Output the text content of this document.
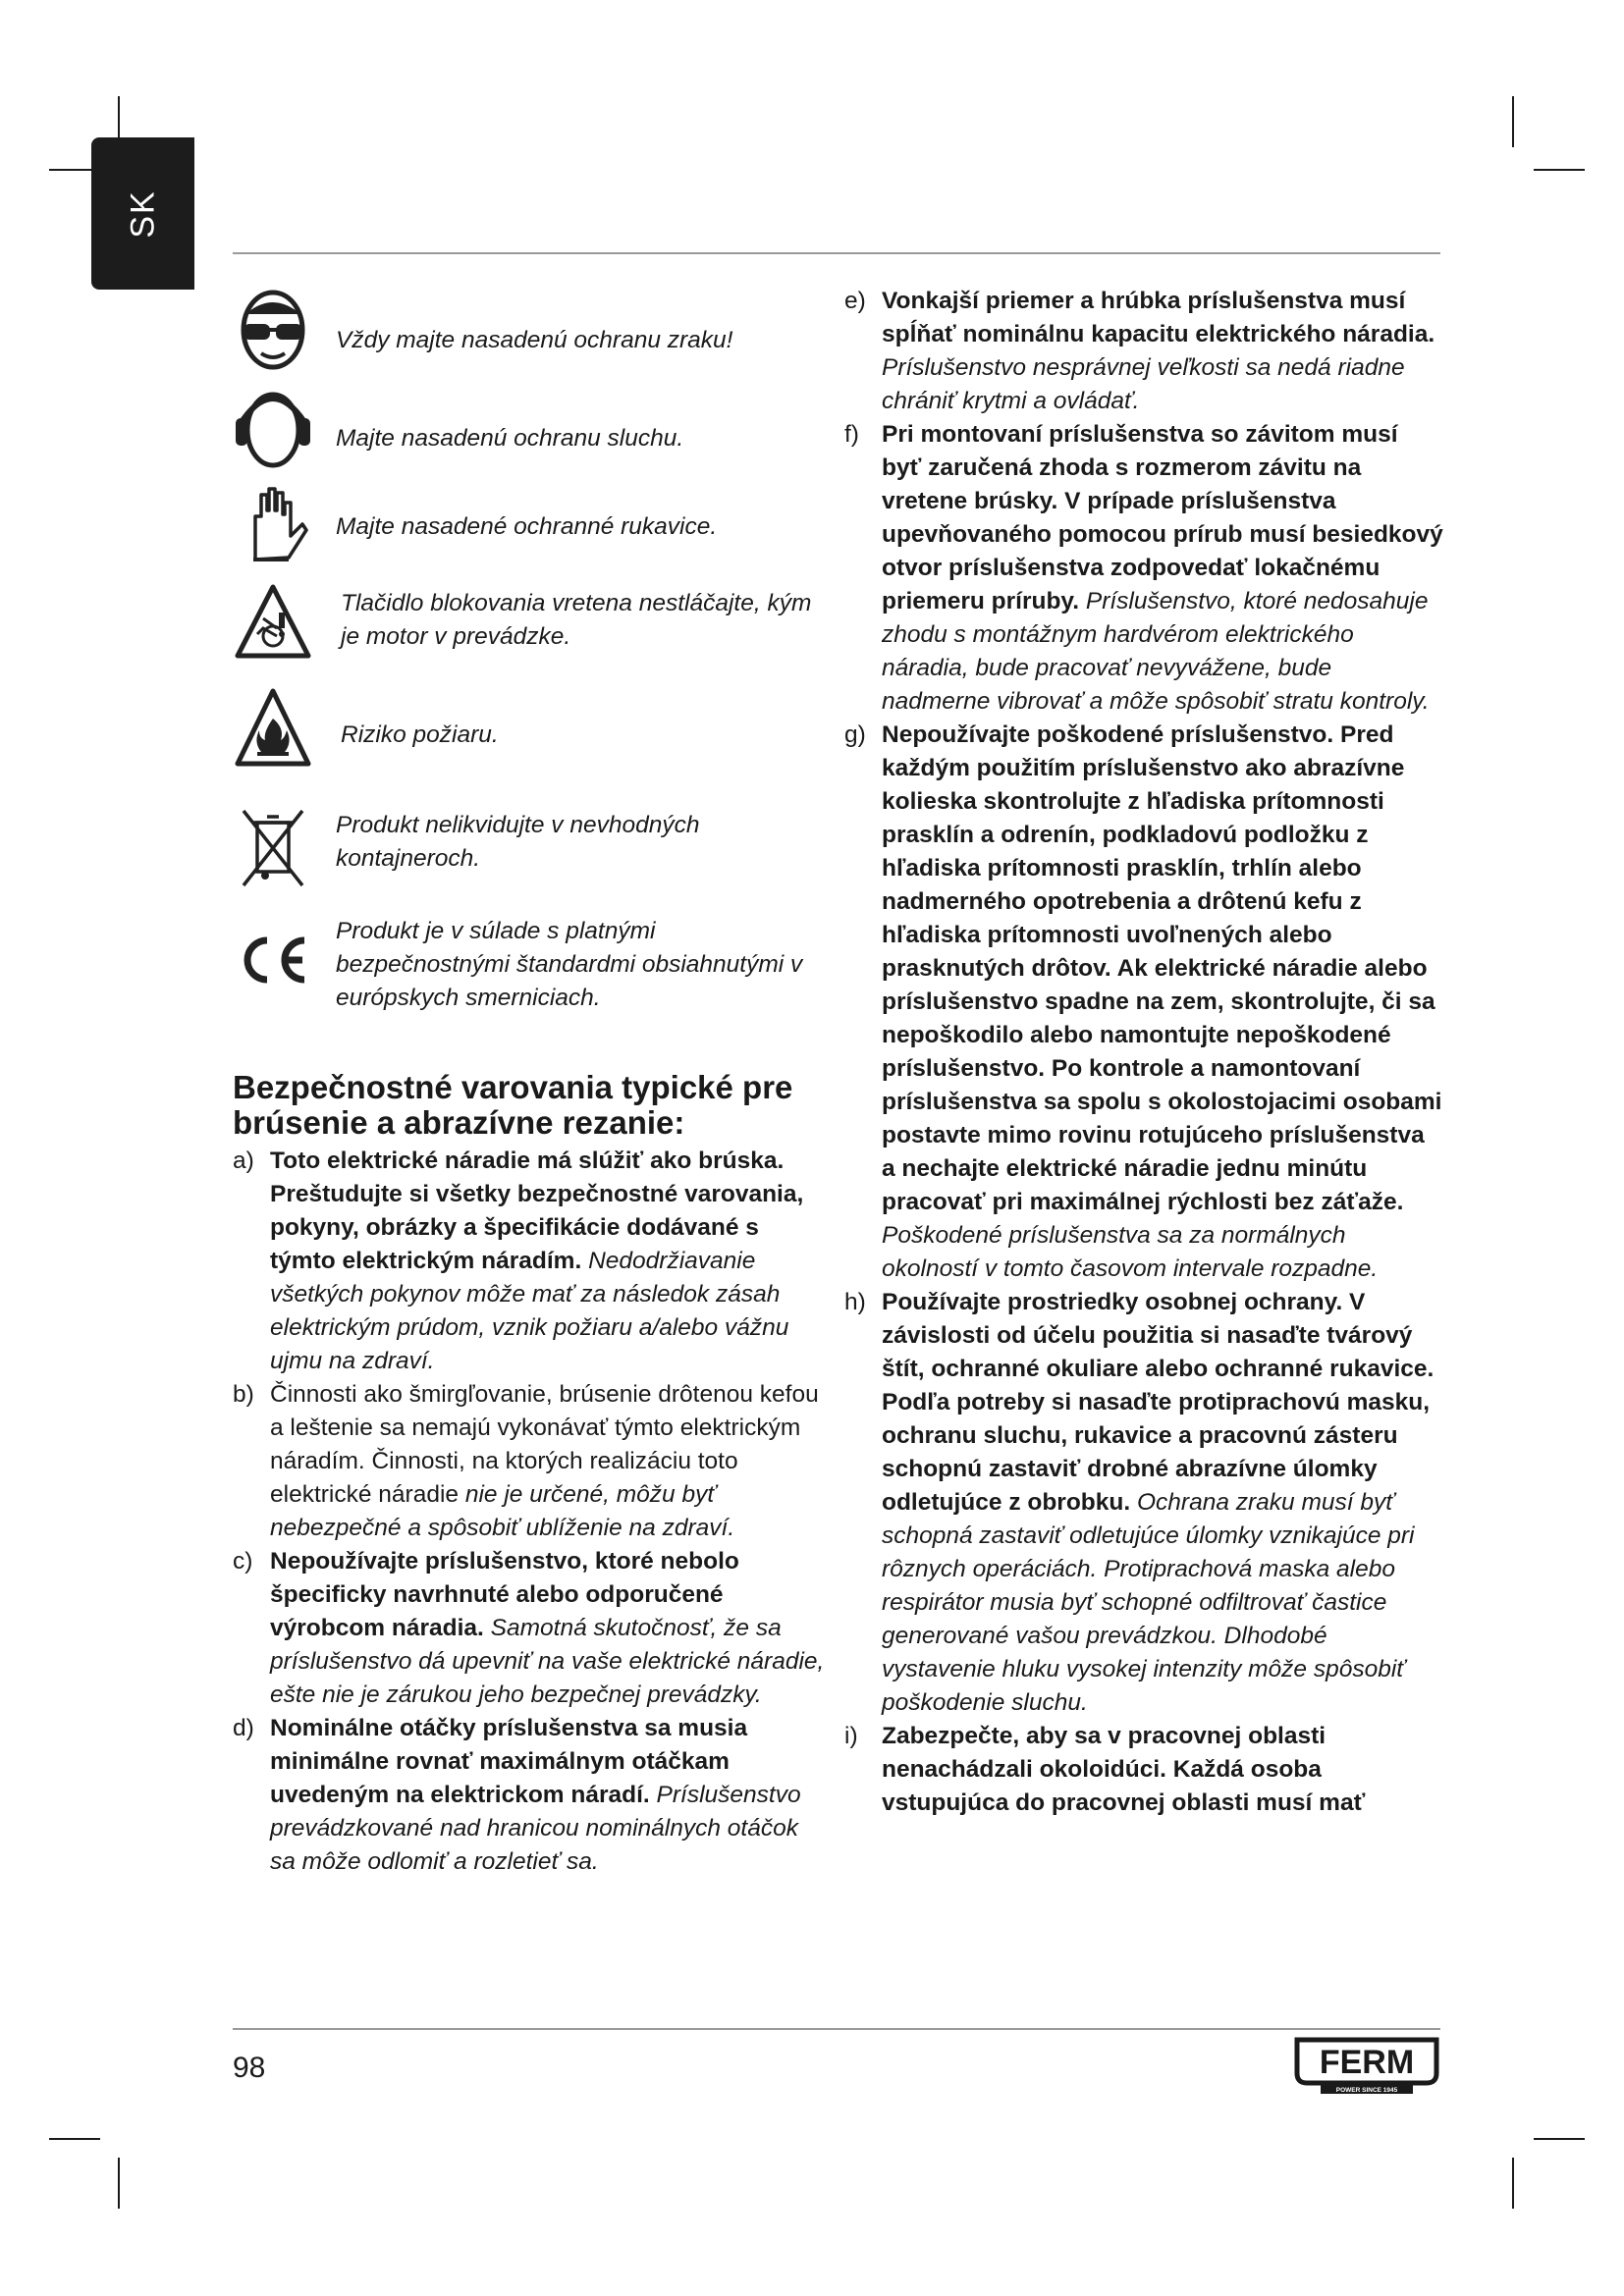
SK
Vždy majte nasadenú ochranu zraku!
Majte nasadenú ochranu sluchu.
Majte nasadené ochranné rukavice.
Tlačidlo blokovania vretena nestláčajte, kým je motor v prevádzke.
Riziko požiaru.
Produkt nelikvidujte v nevhodných kontajneroch.
Produkt je v súlade s platnými bezpečnostnými štandardmi obsiahnutými v európskych smerniciach.
Bezpečnostné varovania typické pre brúsenie a abrazívne rezanie:
a) Toto elektrické náradie má slúžiť ako brúska. Preštudujte si všetky bezpečnostné varovania, pokyny, obrázky a špecifikácie dodávané s týmto elektrickým náradím. Nedodržiavanie všetkých pokynov môže mať za následok zásah elektrickým prúdom, vznik požiaru a/alebo vážnu ujmu na zdraví.
b) Činnosti ako šmirgľovanie, brúsenie drôtenou kefou a leštenie sa nemajú vykonávať týmto elektrickým náradím. Činnosti, na ktorých realizáciu toto elektrické náradie nie je určené, môžu byť nebezpečné a spôsobiť ublíženie na zdraví.
c) Nepoužívajte príslušenstvo, ktoré nebolo špecificky navrhnuté alebo odporučené výrobcom náradia. Samotná skutočnosť, že sa príslušenstvo dá upevniť na vaše elektrické náradie, ešte nie je zárukou jeho bezpečnej prevádzky.
d) Nominálne otáčky príslušenstva sa musia minimálne rovnať maximálnym otáčkam uvedeným na elektrickom náradí. Príslušenstvo prevádzkované nad hranicou nominálnych otáčok sa môže odlomiť a rozletieť sa.
e) Vonkajší priemer a hrúbka príslušenstva musí spĺňať nominálnu kapacitu elektrického náradia. Príslušenstvo nesprávnej veľkosti sa nedá riadne chrániť krytmi a ovládať.
f) Pri montovaní príslušenstva so závitom musí byť zaručená zhoda s rozmerom závitu na vretene brúsky. V prípade príslušenstva upevňovaného pomocou prírub musí besiedkový otvor príslušenstva zodpovedať lokačnému priemeru príruby. Príslušenstvo, ktoré nedosahuje zhodu s montážnym hardvérom elektrického náradia, bude pracovať nevyvážene, bude nadmerne vibrovať a môže spôsobiť stratu kontroly.
g) Nepoužívajte poškodené príslušenstvo. Pred každým použitím príslušenstvo ako abrazívne kolieska skontrolujte z hľadiska prítomnosti prasklín a odrenín, podkladovú podložku z hľadiska prítomnosti prasklín, trhlín alebo nadmerného opotrebenia a drôtenú kefu z hľadiska prítomnosti uvoľnených alebo prasknutých drôtov. Ak elektrické náradie alebo príslušenstvo spadne na zem, skontrolujte, či sa nepoškodilo alebo namontujte nepoškodené príslušenstvo. Po kontrole a namontovaní príslušenstva sa spolu s okolostojacimi osobami postavte mimo rovinu rotujúceho príslušenstva a nechajte elektrické náradie jednu minútu pracovať pri maximálnej rýchlosti bez záťaže. Poškodené príslušenstva sa za normálnych okolností v tomto časovom intervale rozpadne.
h) Používajte prostriedky osobnej ochrany. V závislosti od účelu použitia si nasaďte tvárový štít, ochranné okuliare alebo ochranné rukavice. Podľa potreby si nasaďte protiprachovú masku, ochranu sluchu, rukavice a pracovnú zásteru schopnú zastaviť drobné abrazívne úlomky odletujúce z obrobku. Ochrana zraku musí byť schopná zastaviť odletujúce úlomky vznikajúce pri rôznych operáciách. Protiprachová maska alebo respirátor musia byť schopné odfiltrovať častice generované vašou prevádzkou. Dlhodobé vystavenie hluku vysokej intenzity môže spôsobiť poškodenie sluchu.
i) Zabezpečte, aby sa v pracovnej oblasti nenachádzali okoloidúci. Každá osoba vstupujúca do pracovnej oblasti musí mať
98	FERM
POWER SINCE 1945
